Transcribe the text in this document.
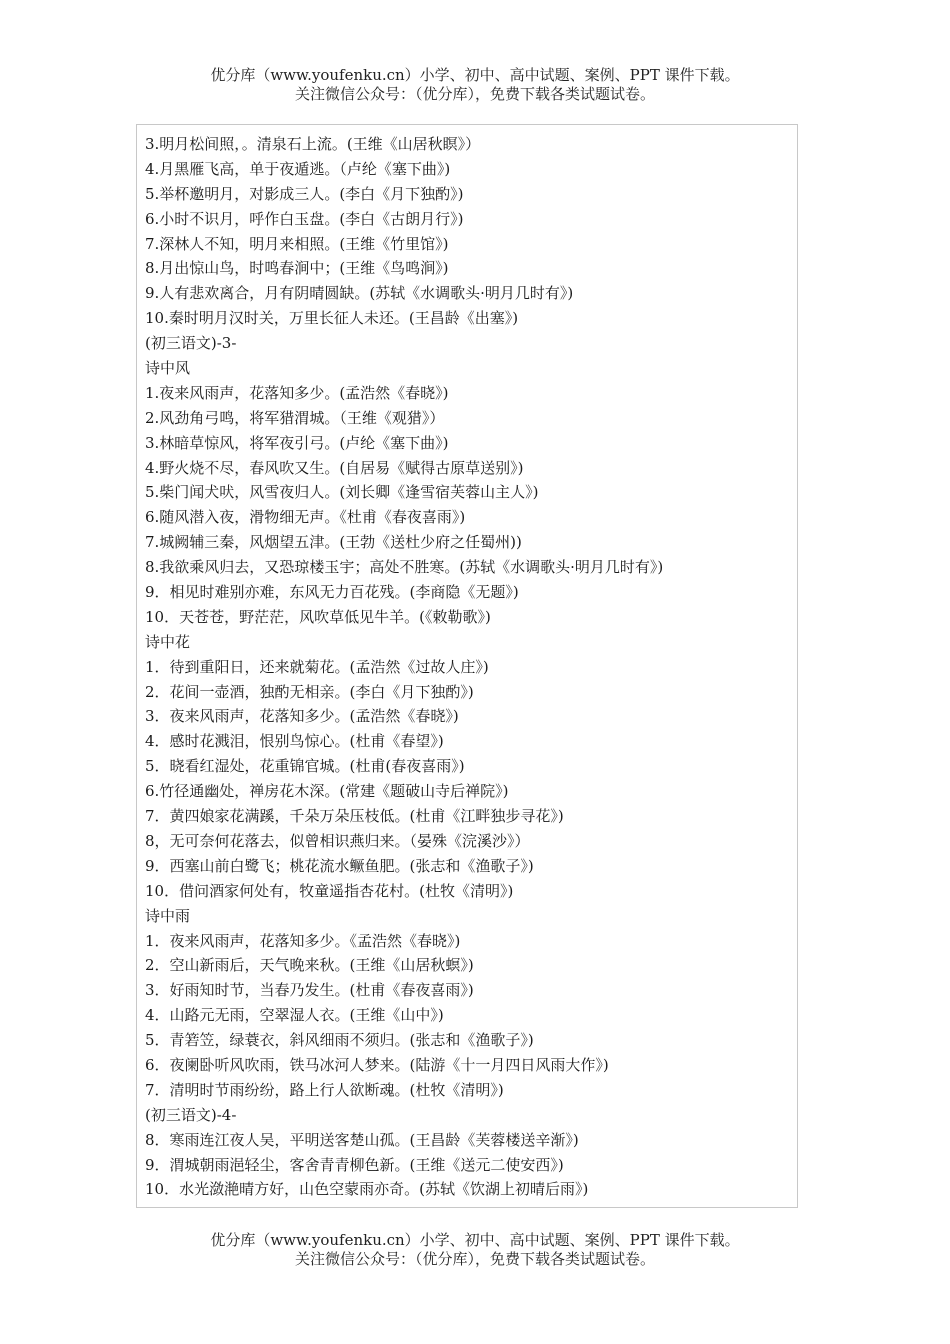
优分库（www.youfenku.cn）小学、初中、高中试题、案例、PPT 课件下载。
关注微信公众号：（优分库），免费下载各类试题试卷。
3.明月松间照，。清泉石上流。(王维《山居秋瞑》）
4.月黑雁飞高，单于夜遁逃。（卢纶《塞下曲》)
5.举杯邀明月，对影成三人。(李白《月下独酌》)
6.小时不识月，呼作白玉盘。(李白《古朗月行》)
7.深林人不知，明月来相照。(王维《竹里馆》)
8.月出惊山鸟，时鸣春涧中；(王维《鸟鸣涧》)
9.人有悲欢离合，月有阴晴圆缺。(苏轼《水调歌头·明月几时有》)
10.秦时明月汉时关，万里长征人未还。(王昌龄《出塞》)
(初三语文)-3-
诗中风
1.夜来风雨声，花落知多少。(孟浩然《春晓》)
2.风劲角弓鸣，将军猎渭城。（王维《观猎》）
3.林暗草惊风，将军夜引弓。(卢纶《塞下曲》)
4.野火烧不尽，春风吹又生。(自居易《赋得古原草送别》)
5.柴门闻犬吠，风雪夜归人。(刘长卿《逢雪宿芙蓉山主人》)
6.随风潜入夜，滑物细无声。《杜甫《春夜喜雨》)
7.城阙辅三秦，风烟望五津。(王勃《送杜少府之任蜀州))
8.我欲乘风归去，又恐琼楼玉宇；高处不胜寒。(苏轼《水调歌头·明月几时有》)
9．相见时难别亦难，东风无力百花残。(李商隐《无题》)
10．天苍苍，野茫茫，风吹草低见牛羊。(《敕勒歌》)
诗中花
1．待到重阳日，还来就菊花。(孟浩然《过故人庄》)
2．花间一壶酒，独酌无相亲。(李白《月下独酌》)
3．夜来风雨声，花落知多少。(孟浩然《春晓》)
4．感时花溅泪，恨别鸟惊心。(杜甫《春望》)
5．晓看红湿处，花重锦官城。(杜甫(春夜喜雨》)
6.竹径通幽处，禅房花木深。(常建《题破山寺后禅院》)
7．黄四娘家花满蹊，千朵万朵压枝低。(杜甫《江畔独步寻花》)
8，无可奈何花落去，似曾相识燕归来。（晏殊《浣溪沙》）
9．西塞山前白鹭飞；桃花流水鳜鱼肥。(张志和《渔歌子》)
10．借问酒家何处有，牧童遥指杏花村。(杜牧《清明》)
诗中雨
1．夜来风雨声，花落知多少。《孟浩然《春晓》)
2．空山新雨后，天气晚来秋。(王维《山居秋螟》)
3．好雨知时节，当春乃发生。(杜甫《春夜喜雨》)
4．山路元无雨，空翠湿人衣。(王维《山中》)
5．青箬笠，绿蓑衣，斜风细雨不须归。(张志和《渔歌子》)
6．夜阑卧听风吹雨，铁马冰河人梦来。(陆游《十一月四日风雨大作》)
7．清明时节雨纷纷，路上行人欲断魂。(杜牧《清明》)
(初三语文)-4-
8．寒雨连江夜人吴，平明送客楚山孤。(王昌龄《芙蓉楼送辛渐》)
9．渭城朝雨浥轻尘，客舍青青柳色新。(王维《送元二使安西》)
10．水光潋滟晴方好，山色空蒙雨亦奇。(苏轼《饮湖上初晴后雨》)
优分库（www.youfenku.cn）小学、初中、高中试题、案例、PPT 课件下载。
关注微信公众号：（优分库），免费下载各类试题试卷。
